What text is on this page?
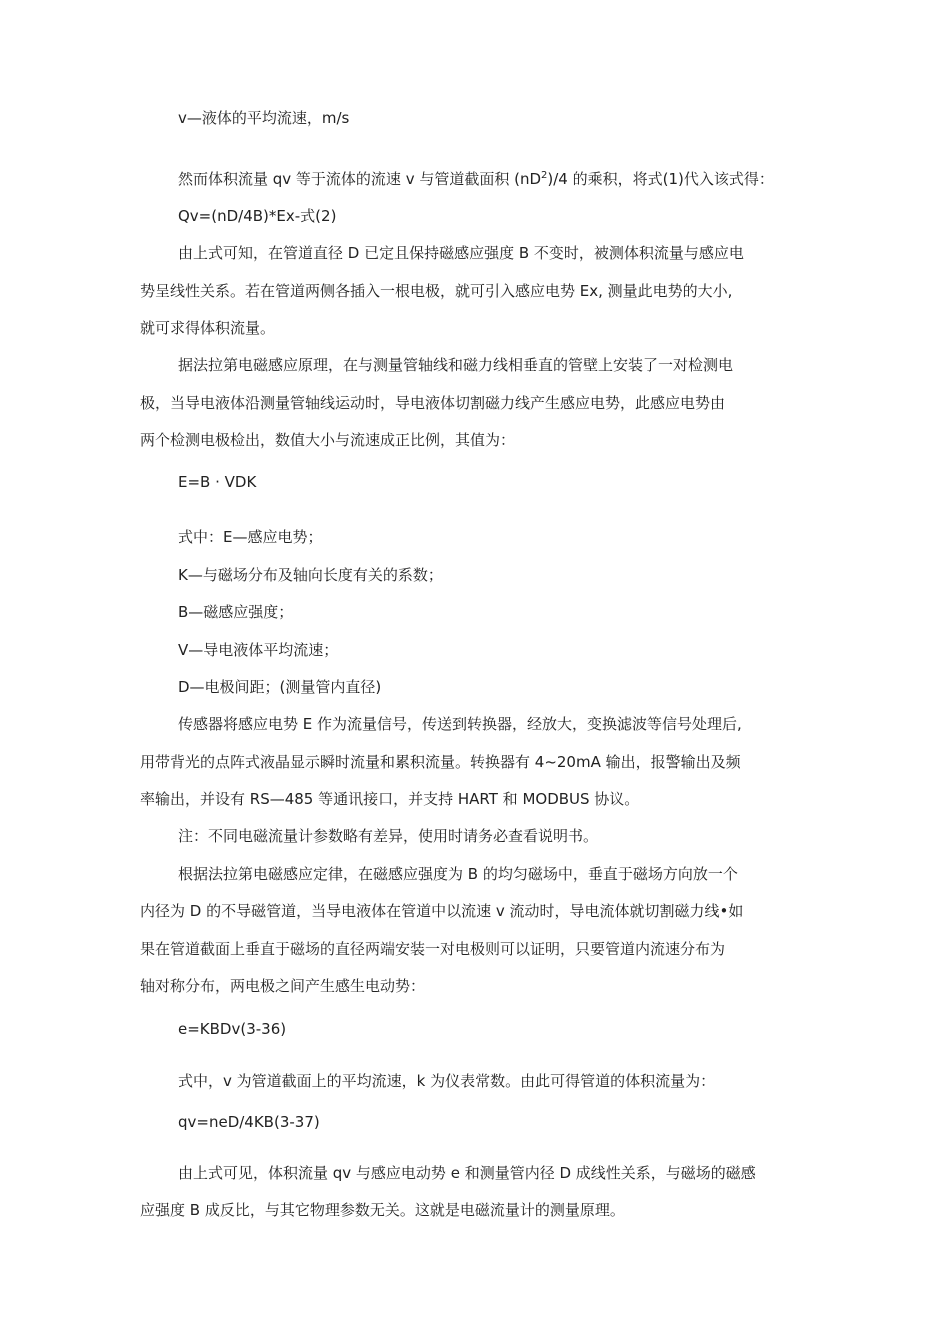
v—液体的平均流速，m/s
然而体积流量 qv 等于流体的流速 v 与管道截面积 $(nD^2)/4$ 的乘积，将式(1)代入该式得：
Qv=(nD/4B)*Ex-式(2)
由上式可知，在管道直径 D 已定且保持磁感应强度 B 不变时，被测体积流量与感应电
势呈线性关系。若在管道两侧各插入一根电极，就可引入感应电势 Ex, 测量此电势的大小,
就可求得体积流量。
据法拉第电磁感应原理，在与测量管轴线和磁力线相垂直的管壁上安装了一对检测电
极，当导电液体沿测量管轴线运动时，导电液体切割磁力线产生感应电势，此感应电势由
两个检测电极检出，数值大小与流速成正比例，其值为：
E=B · VDK
式中：E—感应电势；
K—与磁场分布及轴向长度有关的系数；
B—磁感应强度；
V—导电液体平均流速；
D—电极间距；(测量管内直径)
传感器将感应电势 E 作为流量信号，传送到转换器，经放大，变换滤波等信号处理后,
用带背光的点阵式液晶显示瞬时流量和累积流量。转换器有 4~20mA 输出，报警输出及频
率输出，并设有 RS—485 等通讯接口，并支持 HART 和 MODBUS 协议。
注：不同电磁流量计参数略有差异，使用时请务必查看说明书。
根据法拉第电磁感应定律，在磁感应强度为 B 的均匀磁场中，垂直于磁场方向放一个
内径为 D 的不导磁管道，当导电液体在管道中以流速 v 流动时，导电流体就切割磁力线•如
果在管道截面上垂直于磁场的直径两端安装一对电极则可以证明，只要管道内流速分布为
轴对称分布，两电极之间产生感生电动势：
e=KBDv(3-36)
式中，v 为管道截面上的平均流速，k 为仪表常数。由此可得管道的体积流量为：
qv=neD/4KB(3-37)
由上式可见，体积流量 qv 与感应电动势 e 和测量管内径 D 成线性关系，与磁场的磁感
应强度 B 成反比，与其它物理参数无关。这就是电磁流量计的测量原理。
